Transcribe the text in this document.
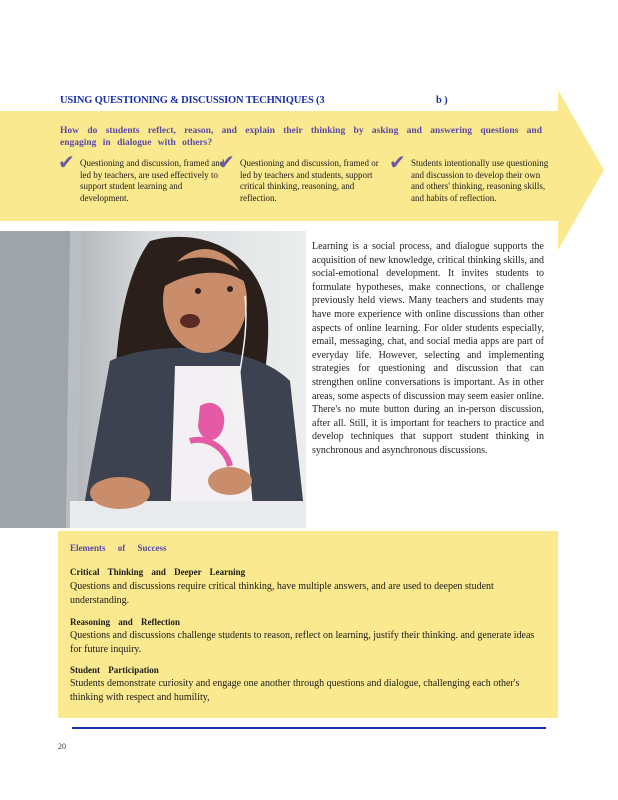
USING QUESTIONING & DISCUSSION TECHNIQUES (3	b )
How do students reflect, reason, and explain their thinking by asking and answering questions and engaging in dialogue with others?
✔ Questioning and discussion, framed and led by teachers, are used effectively to support student learning and development.
✔ Questioning and discussion, framed or led by teachers and students, support critical thinking, reasoning, and reflection.
✔ Students intentionally use questioning and discussion to develop their own and others' thinking, reasoning skills, and habits of reflection.
Learning is a social process, and dialogue supports the acquisition of new knowledge, critical thinking skills, and social-emotional development. It invites students to formulate hypotheses, make connections, or challenge previously held views. Many teachers and students may have more experience with online discussions than other aspects of online learning. For older students especially, email, messaging, chat, and social media apps are part of everyday life. However, selecting and implementing strategies for questioning and discussion that can strengthen online conversations is important. As in other areas, some aspects of discussion may seem easier online. There's no mute button during an in-person discussion, after all. Still, it is important for teachers to practice and develop techniques that support student thinking in synchronous and asynchronous discussions.
Elements of Success
Critical Thinking and Deeper Learning
Questions and discussions require critical thinking, have multiple answers, and are used to deepen student understanding.
Reasoning and Reflection
Questions and discussions challenge students to reason, reflect on learning, justify their thinking. and generate ideas for future inquiry.
Student Participation
Students demonstrate curiosity and engage one another through questions and dialogue, challenging each other's thinking with respect and humility,
20
